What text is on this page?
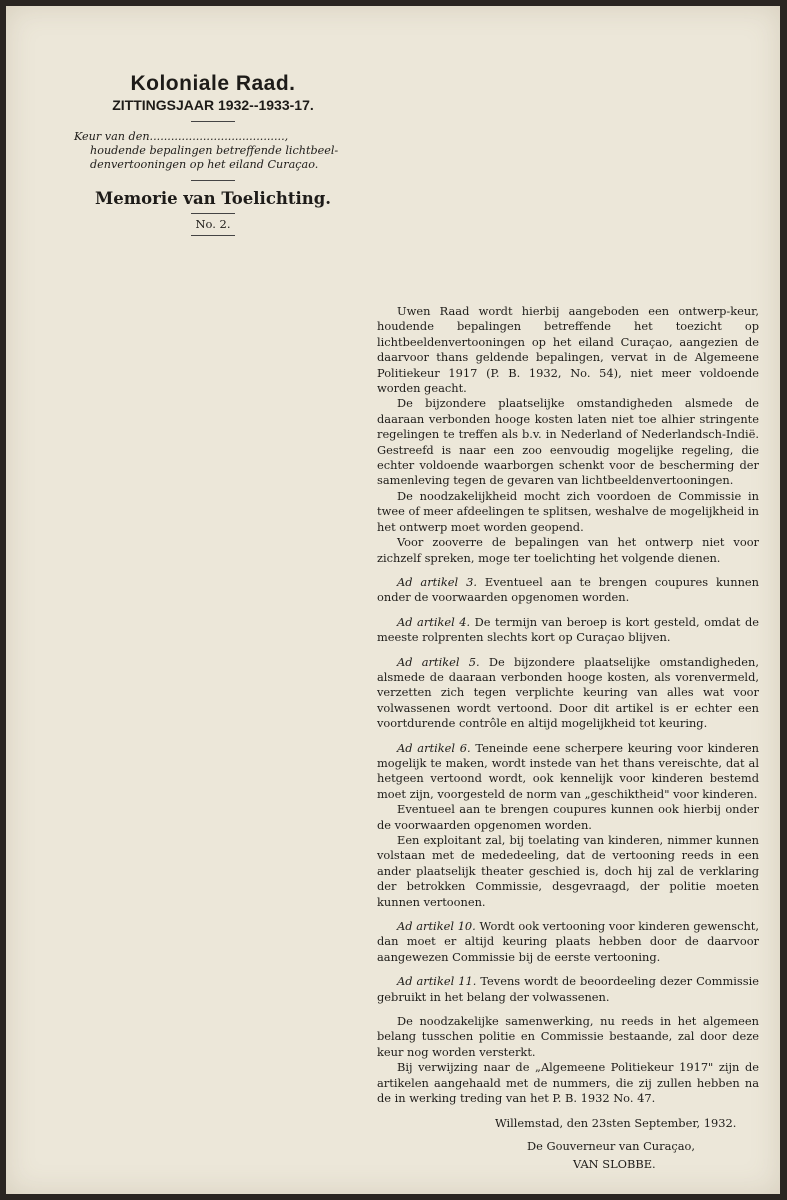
Koloniale Raad.
ZITTINGSJAAR 1932--1933-17.
Keur van den......................................,
houdende bepalingen betreffende lichtbeel-
denvertooningen op het eiland Curaçao.
Memorie van Toelichting.
No. 2.

Uwen Raad wordt hierbij aangeboden een ontwerp-keur, houdende bepalingen betreffende het toezicht op lichtbeeldenvertooningen op het eiland Curaçao, aangezien de daarvoor thans geldende bepalingen, vervat in de Algemeene Politiekeur 1917 (P. B. 1932, No. 54), niet meer voldoende worden geacht.

De bijzondere plaatselijke omstandigheden alsmede de daaraan verbonden hooge kosten laten niet toe alhier stringente regelingen te treffen als b.v. in Nederland of Nederlandsch-Indië. Gestreefd is naar een zoo eenvoudig mogelijke regeling, die echter voldoende waarborgen schenkt voor de bescherming der samenleving tegen de gevaren van lichtbeeldenvertooningen.

De noodzakelijkheid mocht zich voordoen de Commissie in twee of meer afdeelingen te splitsen, weshalve de mogelijkheid in het ontwerp moet worden geopend.

Voor zooverre de bepalingen van het ontwerp niet voor zichzelf spreken, moge ter toelichting het volgende dienen.

Ad artikel 3. Eventueel aan te brengen coupures kunnen onder de voorwaarden opgenomen worden.

Ad artikel 4. De termijn van beroep is kort gesteld, omdat de meeste rolprenten slechts kort op Curaçao blijven.

Ad artikel 5. De bijzondere plaatselijke omstandigheden, alsmede de daaraan verbonden hooge kosten, als vorenvermeld, verzetten zich tegen verplichte keuring van alles wat voor volwassenen wordt vertoond. Door dit artikel is er echter een voortdurende contrôle en altijd mogelijkheid tot keuring.

Ad artikel 6. Teneinde eene scherpere keuring voor kinderen mogelijk te maken, wordt instede van het thans vereischte, dat al hetgeen vertoond wordt, ook kennelijk voor kinderen bestemd moet zijn, voorgesteld de norm van „geschiktheid" voor kinderen.

Eventueel aan te brengen coupures kunnen ook hierbij onder de voorwaarden opgenomen worden.

Een exploitant zal, bij toelating van kinderen, nimmer kunnen volstaan met de mededeeling, dat de vertooning reeds in een ander plaatselijk theater geschied is, doch hij zal de verklaring der betrokken Commissie, desgevraagd, der politie moeten kunnen vertoonen.

Ad artikel 10. Wordt ook vertooning voor kinderen gewenscht, dan moet er altijd keuring plaats hebben door de daarvoor aangewezen Commissie bij de eerste vertooning.

Ad artikel 11. Tevens wordt de beoordeeling dezer Commissie gebruikt in het belang der volwassenen.

De noodzakelijke samenwerking, nu reeds in het algemeen belang tusschen politie en Commissie bestaande, zal door deze keur nog worden versterkt.

Bij verwijzing naar de „Algemeene Politiekeur 1917" zijn de artikelen aangehaald met de nummers, die zij zullen hebben na de in werking treding van het P. B. 1932 No. 47.

Willemstad, den 23sten September, 1932.

De Gouverneur van Curaçao,

VAN SLOBBE.
